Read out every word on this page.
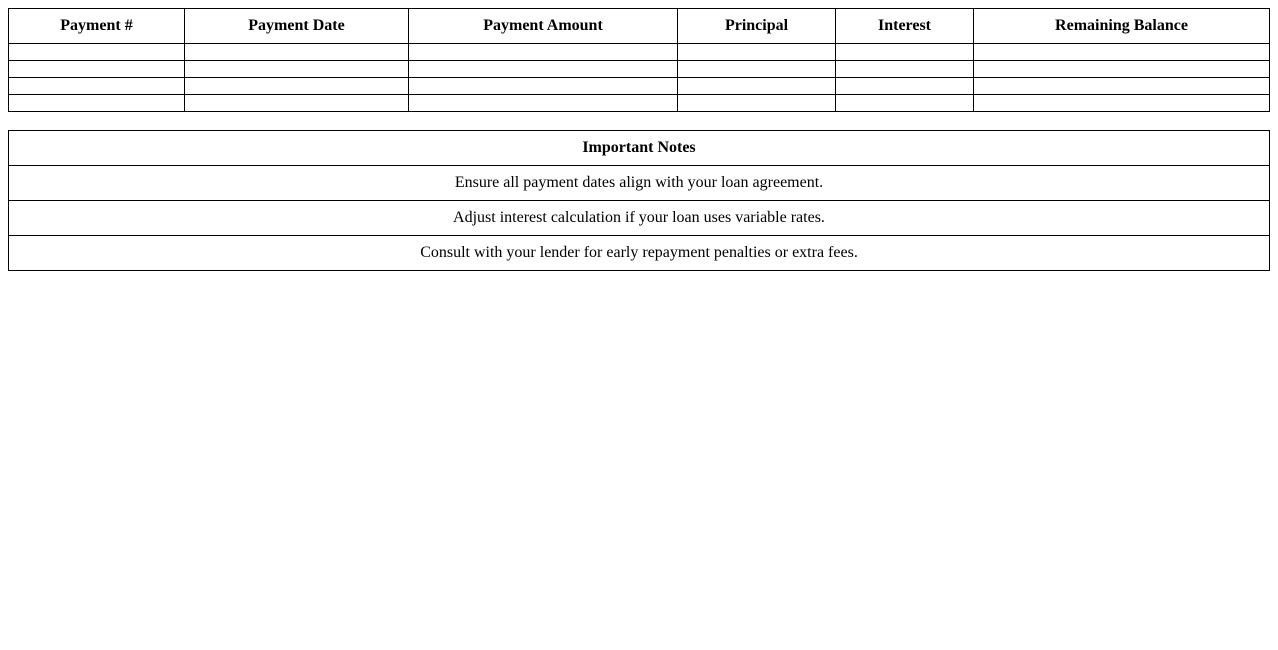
Payment #	Payment Date	Payment Amount	Principal	Interest	Remaining Balance

Important Notes
Ensure all payment dates align with your loan agreement.
Adjust interest calculation if your loan uses variable rates.
Consult with your lender for early repayment penalties or extra fees.
